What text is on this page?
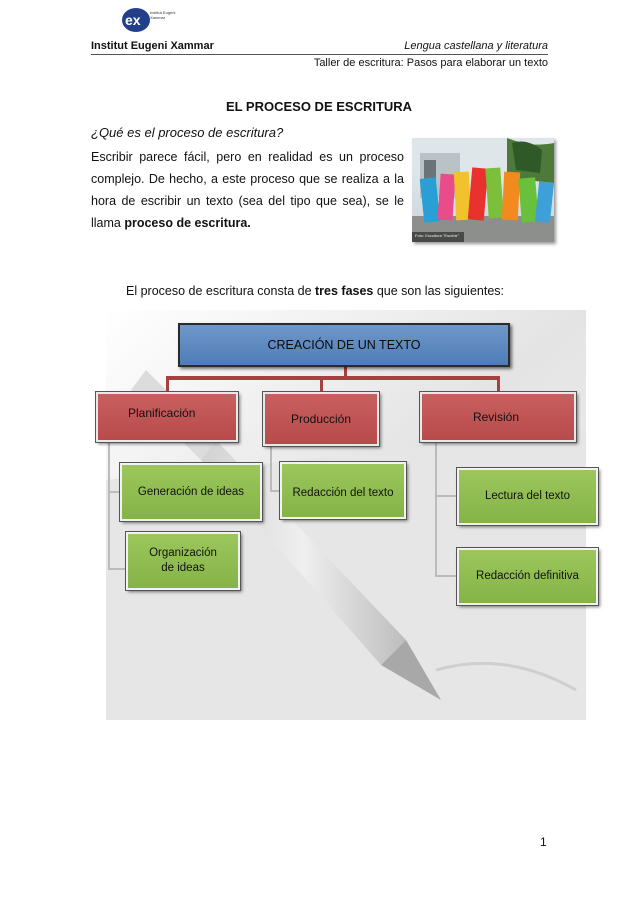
ex Institut Eugeni Xammar
Institut Eugeni Xammar	Lengua castellana y literatura
Taller de escritura: Pasos para elaborar un texto
EL PROCESO DE ESCRITURA
¿Qué es el proceso de escritura?
Escribir parece fácil, pero en realidad es un proceso complejo. De hecho, a este proceso que se realiza a la hora de escribir un texto (sea del tipo que sea), se le llama proceso de escritura.
Foto: Escultura "Escribir"
El proceso de escritura consta de tres fases que son las siguientes:
CREACIÓN DE UN TEXTO
Planificación	Producción	Revisión
Generación de ideas
Organización de ideas
Redacción del texto	Lectura del texto
Redacción definitiva
1
